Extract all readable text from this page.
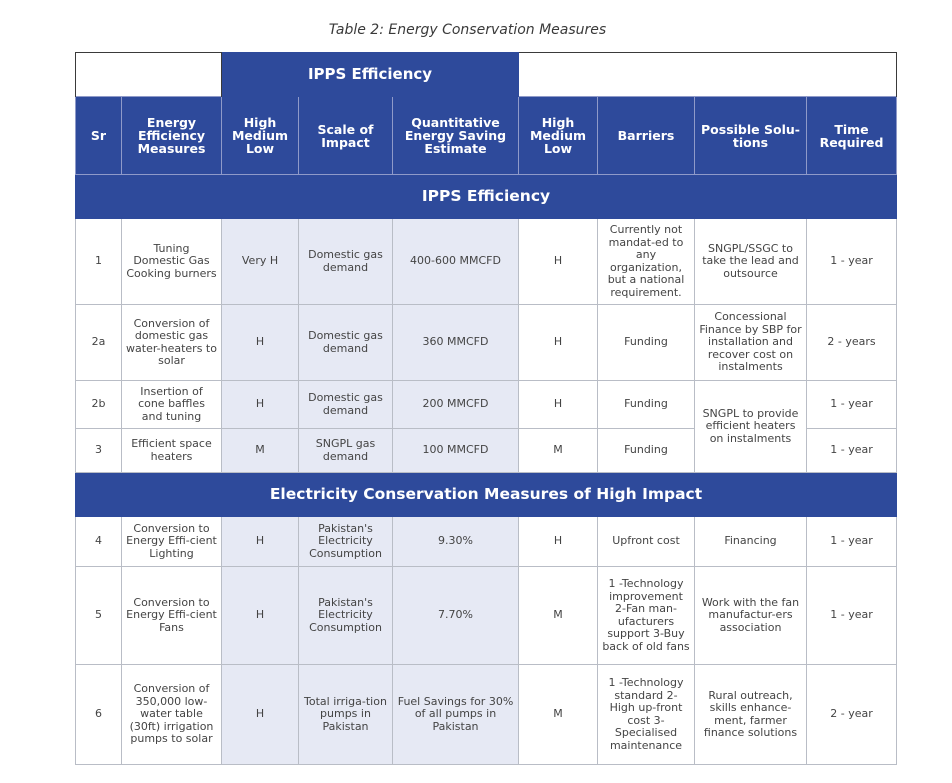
Table 2: Energy Conservation Measures
		IPPS Efficiency						
Sr	Energy Efficiency Measures	High Medium Low	Scale of Impact	Quantitative Energy Saving Estimate	High Medium Low	Barriers	Possible Solu-tions	Time Required
IPPS Efficiency								
1	Tuning Domestic Gas Cooking burners	Very H	Domestic gas demand	400-600 MMCFD	H	Currently not mandat-ed to any organization, but a national requirement.	SNGPL/SSGC to take the lead and outsource	1 - year
2a	Conversion of domestic gas water-heaters to solar	H	Domestic gas demand	360 MMCFD	H	Funding	Concessional Finance by SBP for installation and recover cost on instalments	2 - years
2b	Insertion of cone baffles and tuning	H	Domestic gas demand	200 MMCFD	H	Funding	SNGPL to provide efficient heaters on instalments	1 - year
3	Efficient space heaters	M	SNGPL gas demand	100 MMCFD	M	Funding		1 - year
Electricity Conservation Measures of High Impact								
4	Conversion to Energy Effi-cient Lighting	H	Pakistan's Electricity Consumption	9.30%	H	Upfront cost	Financing	1 - year
5	Conversion to Energy Effi-cient Fans	H	Pakistan's Electricity Consumption	7.70%	M	1 -Technology improvement 2-Fan man-ufacturers support 3-Buy back of old fans	Work with the fan manufactur-ers association	1 - year
6	Conversion of 350,000 low-water table (30ft) irrigation pumps to solar	H	Total irriga-tion pumps in Pakistan	Fuel Savings for 30% of all pumps in Pakistan	M	1 -Technology standard 2-High up-front cost 3-Specialised maintenance	Rural outreach, skills enhance-ment, farmer finance solutions	2 - year
